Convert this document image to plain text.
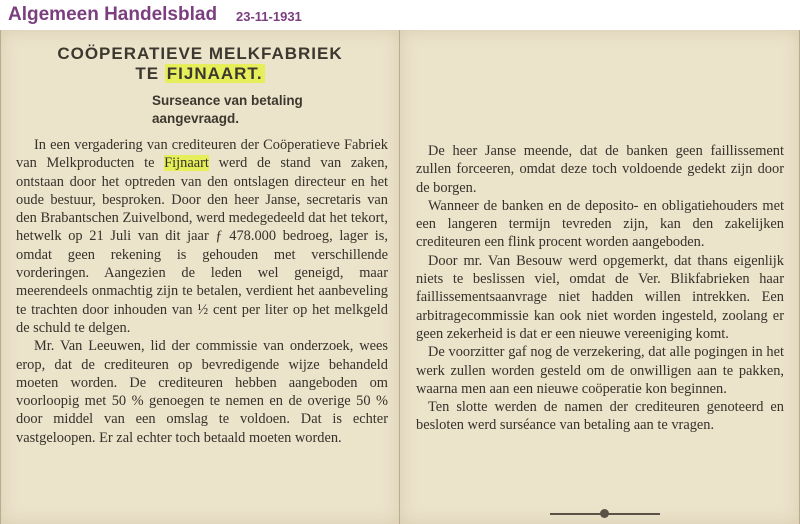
Algemeen Handelsblad 23-11-1931
COÖPERATIEVE MELKFABRIEK
TE FIJNAART.
Surseance van betaling aangevraagd.

In een vergadering van crediteuren der Coöperatieve Fabriek van Melkproducten te Fijnaart werd de stand van zaken, ontstaan door het optreden van den ontslagen directeur en het oude bestuur, besproken. Door den heer Janse, secretaris van den Brabantschen Zuivelbond, werd medegedeeld dat het tekort, hetwelk op 21 Juli van dit jaar ƒ 478.000 bedroeg, lager is, omdat geen rekening is gehouden met verschillende vorderingen. Aangezien de leden wel geneigd, maar meerendeels onmachtig zijn te betalen, verdient het aanbeveling te trachten door inhouden van ½ cent per liter op het melkgeld de schuld te delgen.

Mr. Van Leeuwen, lid der commissie van onderzoek, wees erop, dat de crediteuren op bevredigende wijze behandeld moeten worden. De crediteuren hebben aangeboden om voorloopig met 50 % genoegen te nemen en de overige 50 % door middel van een omslag te voldoen. Dat is echter vastgeloopen. Er zal echter toch betaald moeten worden.

De heer Janse meende, dat de banken geen faillissement zullen forceeren, omdat deze toch voldoende gedekt zijn door de borgen.

Wanneer de banken en de deposito- en obligatiehouders met een langeren termijn tevreden zijn, kan den zakelijken crediteuren een flink procent worden aangeboden.

Door mr. Van Besouw werd opgemerkt, dat thans eigenlijk niets te beslissen viel, omdat de Ver. Blikfabrieken haar faillissementsaanvrage niet hadden willen intrekken. Een arbitragecommissie kan ook niet worden ingesteld, zoolang er geen zekerheid is dat er een nieuwe vereeniging komt.

De voorzitter gaf nog de verzekering, dat alle pogingen in het werk zullen worden gesteld om de onwilligen aan te pakken, waarna men aan een nieuwe coöperatie kon beginnen.

Ten slotte werden de namen der crediteuren genoteerd en besloten werd surséance van betaling aan te vragen.
